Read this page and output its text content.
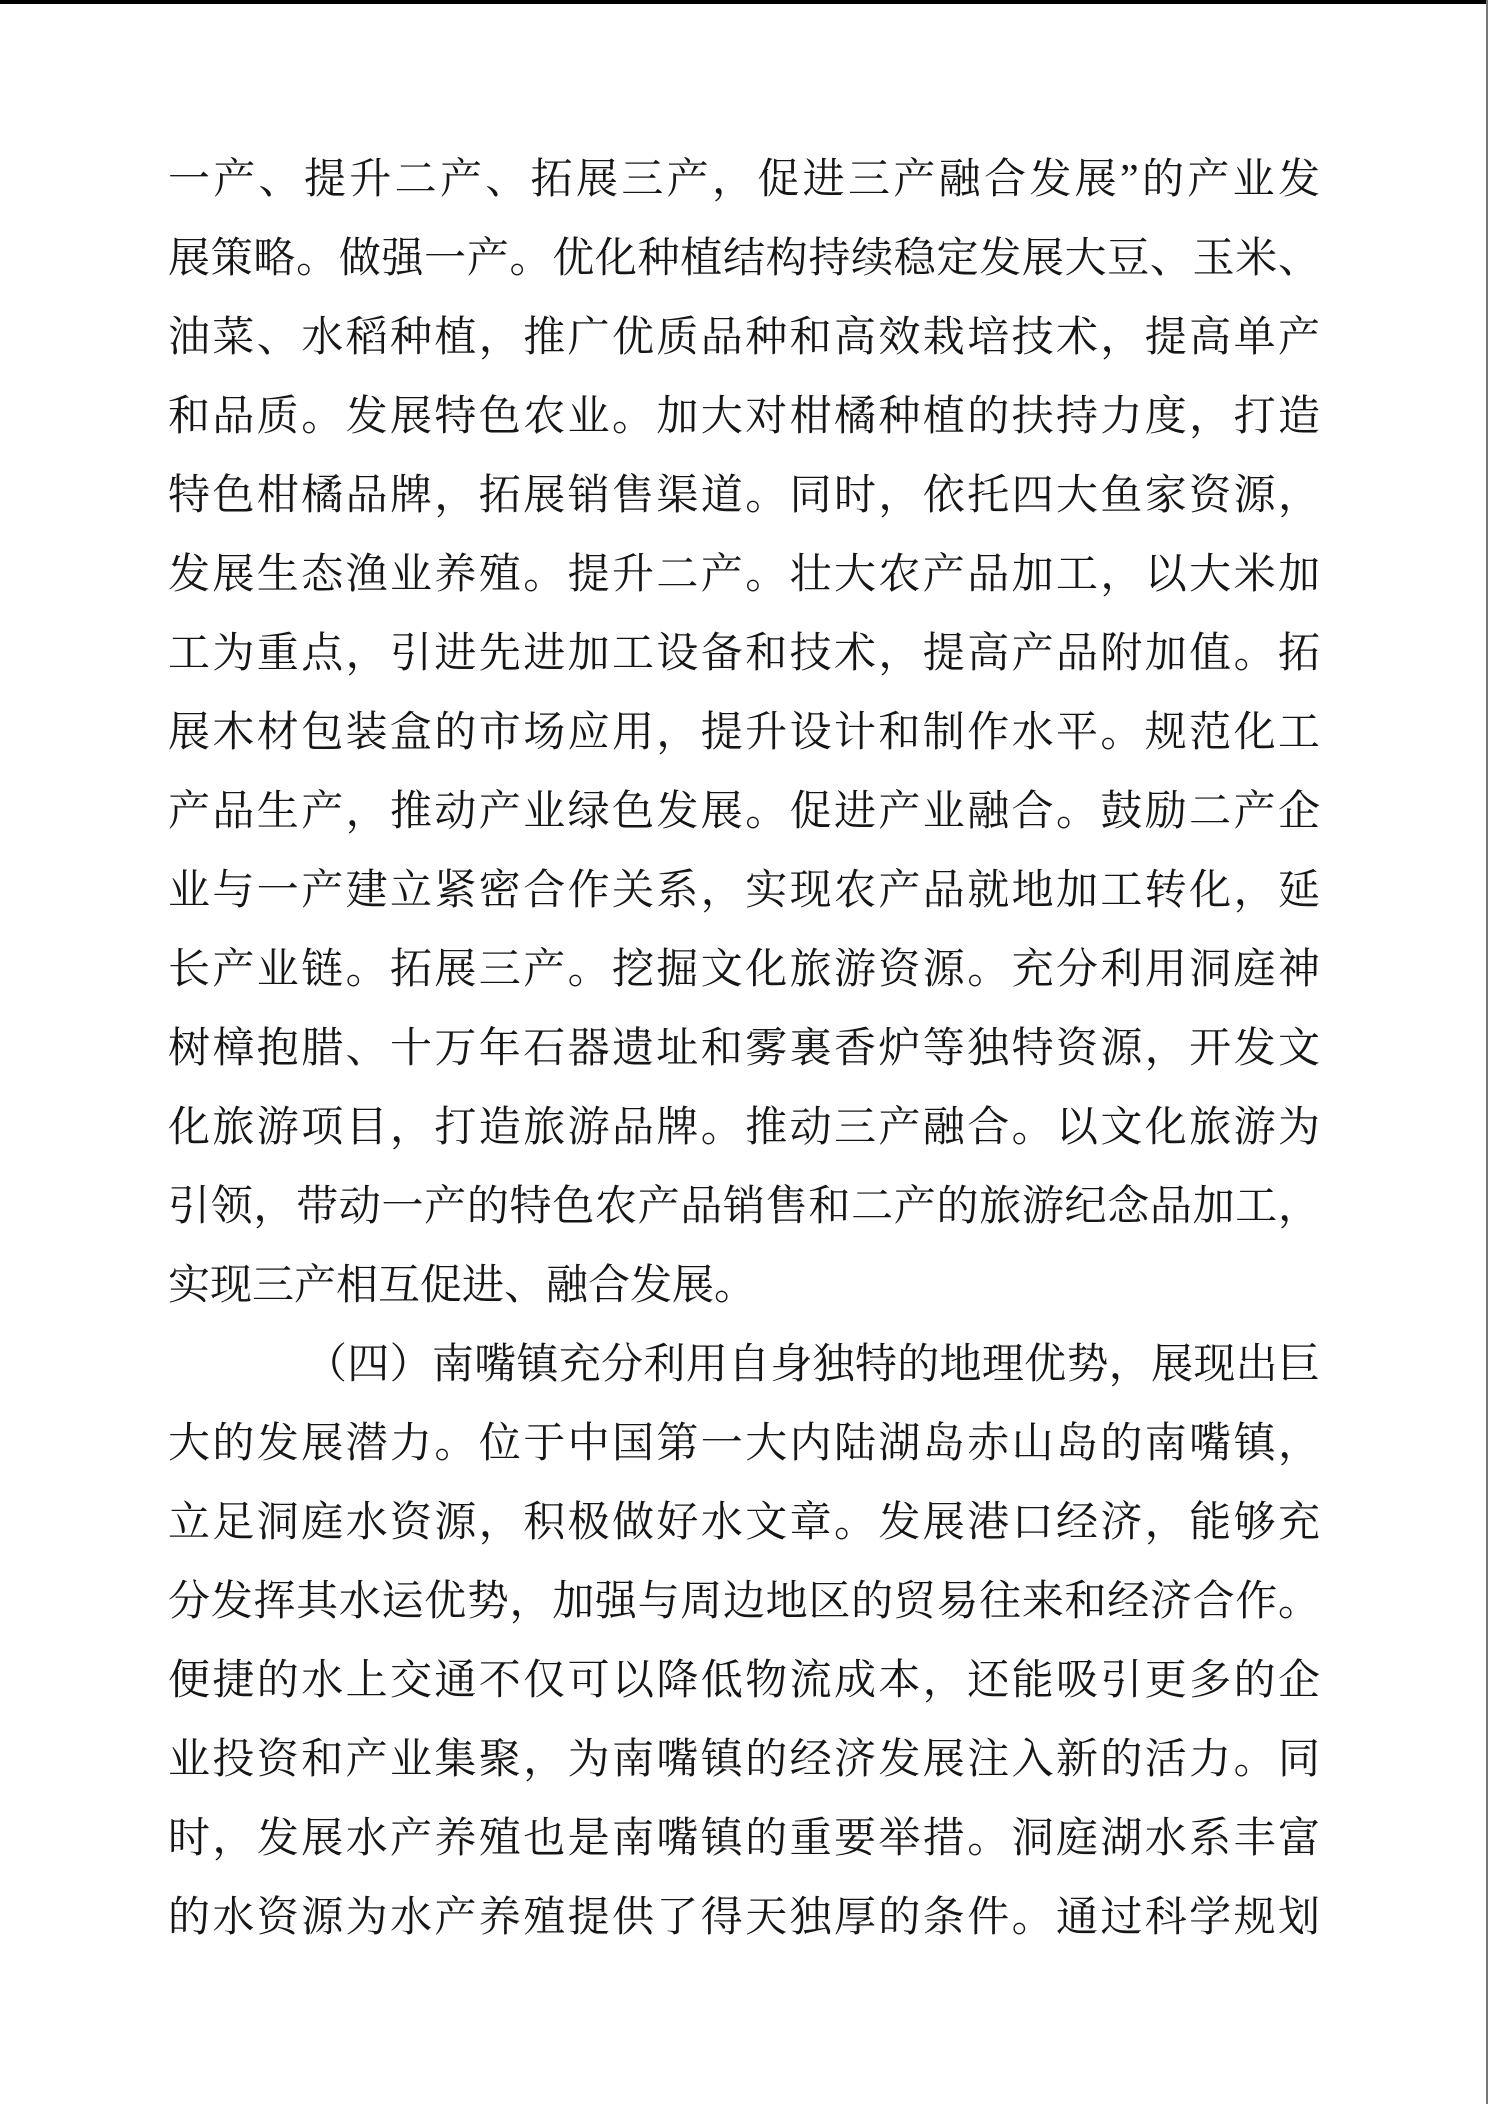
一产、提升二产、拓展三产，促进三产融合发展”的产业发
展策略。做强一产。优化种植结构持续稳定发展大豆、玉米、
油菜、水稻种植，推广优质品种和高效栽培技术，提高单产
和品质。发展特色农业。加大对柑橘种植的扶持力度，打造
特色柑橘品牌，拓展销售渠道。同时，依托四大鱼家资源，
发展生态渔业养殖。提升二产。壮大农产品加工，以大米加
工为重点，引进先进加工设备和技术，提高产品附加值。拓
展木材包装盒的市场应用，提升设计和制作水平。规范化工
产品生产，推动产业绿色发展。促进产业融合。鼓励二产企
业与一产建立紧密合作关系，实现农产品就地加工转化，延
长产业链。拓展三产。挖掘文化旅游资源。充分利用洞庭神
树樟抱腊、十万年石器遗址和雾裏香炉等独特资源，开发文
化旅游项目，打造旅游品牌。推动三产融合。以文化旅游为
引领，带动一产的特色农产品销售和二产的旅游纪念品加工，
实现三产相互促进、融合发展。
（四）南嘴镇充分利用自身独特的地理优势，展现出巨
大的发展潜力。位于中国第一大内陆湖岛赤山岛的南嘴镇，
立足洞庭水资源，积极做好水文章。发展港口经济，能够充
分发挥其水运优势，加强与周边地区的贸易往来和经济合作。
便捷的水上交通不仅可以降低物流成本，还能吸引更多的企
业投资和产业集聚，为南嘴镇的经济发展注入新的活力。同
时，发展水产养殖也是南嘴镇的重要举措。洞庭湖水系丰富
的水资源为水产养殖提供了得天独厚的条件。通过科学规划
